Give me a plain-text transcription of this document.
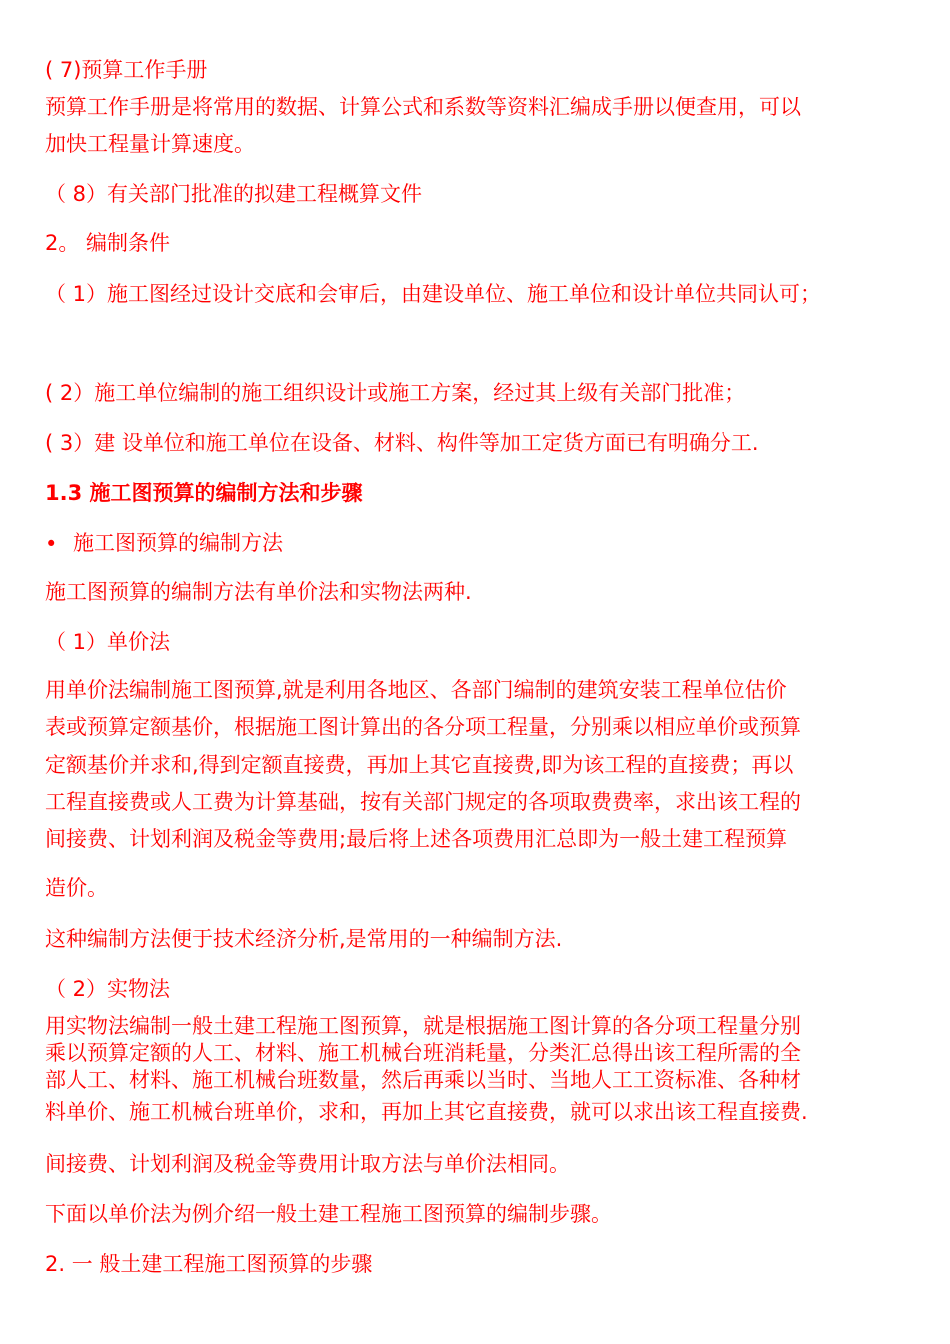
( 7)预算工作手册
预算工作手册是将常用的数据、计算公式和系数等资料汇编成手册以便查用，可以
加快工程量计算速度。
（ 8）有关部门批准的拟建工程概算文件
2。 编制条件
（ 1）施工图经过设计交底和会审后，由建设单位、施工单位和设计单位共同认可；
( 2）施工单位编制的施工组织设计或施工方案，经过其上级有关部门批准；
( 3）建 设单位和施工单位在设备、材料、构件等加工定货方面已有明确分工.
1.3 施工图预算的编制方法和步骤
• 施工图预算的编制方法
施工图预算的编制方法有单价法和实物法两种.
（ 1）单价法
用单价法编制施工图预算,就是利用各地区、各部门编制的建筑安装工程单位估价
表或预算定额基价，根据施工图计算出的各分项工程量，分别乘以相应单价或预算
定额基价并求和,得到定额直接费，再加上其它直接费,即为该工程的直接费；再以
工程直接费或人工费为计算基础，按有关部门规定的各项取费费率，求出该工程的
间接费、计划利润及税金等费用;最后将上述各项费用汇总即为一般土建工程预算
造价。
这种编制方法便于技术经济分析,是常用的一种编制方法.
（ 2）实物法
用实物法编制一般土建工程施工图预算，就是根据施工图计算的各分项工程量分别
乘以预算定额的人工、材料、施工机械台班消耗量，分类汇总得出该工程所需的全
部人工、材料、施工机械台班数量，然后再乘以当时、当地人工工资标准、各种材
料单价、施工机械台班单价，求和，再加上其它直接费，就可以求出该工程直接费.
间接费、计划利润及税金等费用计取方法与单价法相同。
下面以单价法为例介绍一般土建工程施工图预算的编制步骤。
2. 一 般土建工程施工图预算的步骤
